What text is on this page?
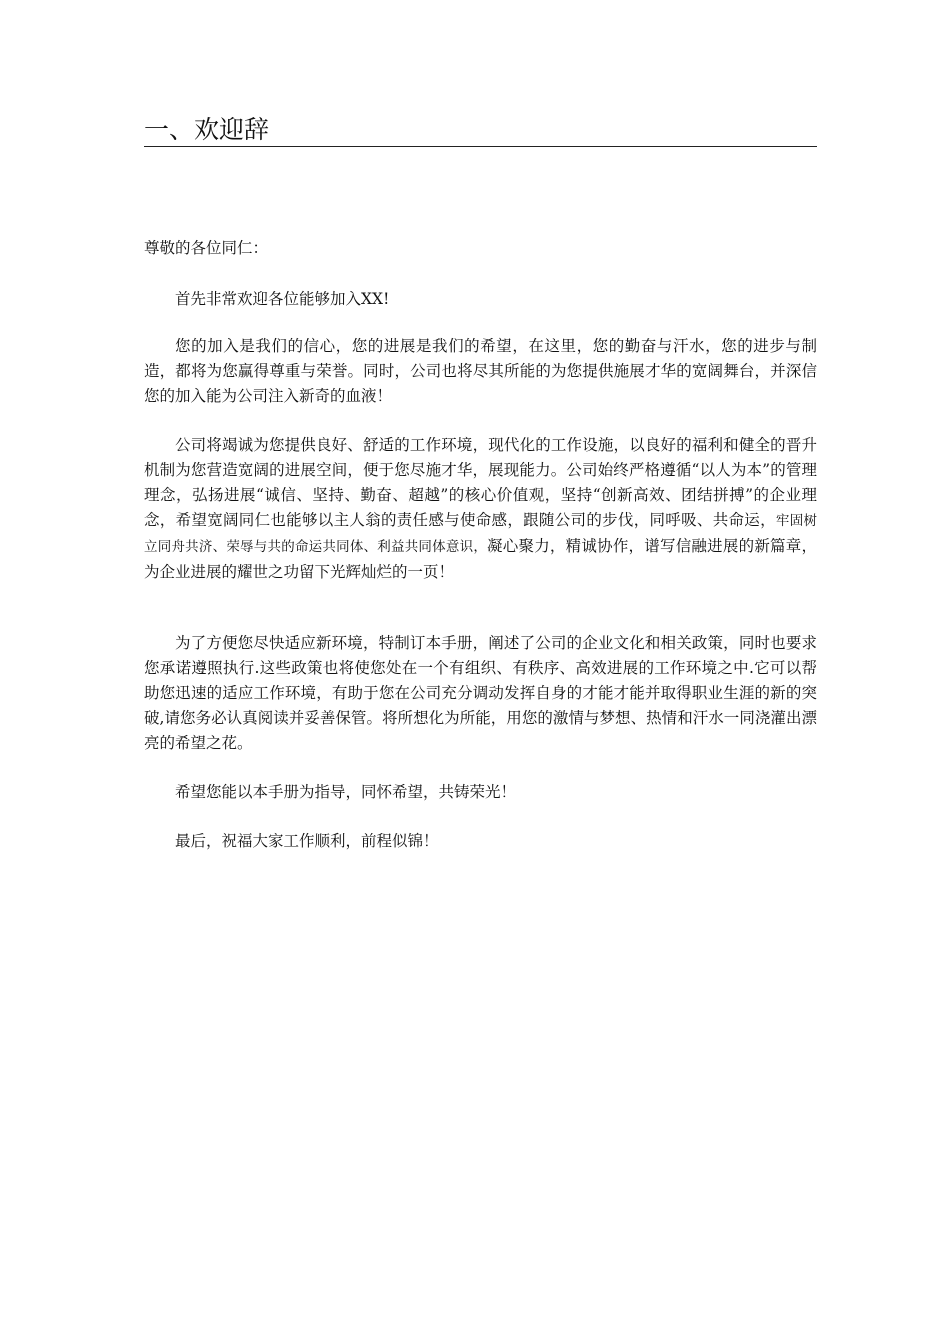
一、欢迎辞

尊敬的各位同仁：

首先非常欢迎各位能够加入XX!

您的加入是我们的信心，您的进展是我们的希望，在这里，您的勤奋与汗水，您的进步与制造，都将为您赢得尊重与荣誉。同时，公司也将尽其所能的为您提供施展才华的宽阔舞台，并深信您的加入能为公司注入新奇的血液！

公司将竭诚为您提供良好、舒适的工作环境，现代化的工作设施，以良好的福利和健全的晋升机制为您营造宽阔的进展空间，便于您尽施才华，展现能力。公司始终严格遵循“以人为本”的管理理念，弘扬进展“诚信、坚持、勤奋、超越”的核心价值观，坚持“创新高效、团结拼搏”的企业理念，希望宽阔同仁也能够以主人翁的责任感与使命感，跟随公司的步伐，同呼吸、共命运，牢固树立同舟共济、荣辱与共的命运共同体、利益共同体意识，凝心聚力，精诚协作，谱写信融进展的新篇章，为企业进展的耀世之功留下光辉灿烂的一页！

为了方便您尽快适应新环境，特制订本手册，阐述了公司的企业文化和相关政策，同时也要求您承诺遵照执行.这些政策也将使您处在一个有组织、有秩序、高效进展的工作环境之中.它可以帮助您迅速的适应工作环境，有助于您在公司充分调动发挥自身的才能才能并取得职业生涯的新的突破,请您务必认真阅读并妥善保管。将所想化为所能，用您的激情与梦想、热情和汗水一同浇灌出漂亮的希望之花。

希望您能以本手册为指导，同怀希望，共铸荣光！

最后，祝福大家工作顺利，前程似锦！
